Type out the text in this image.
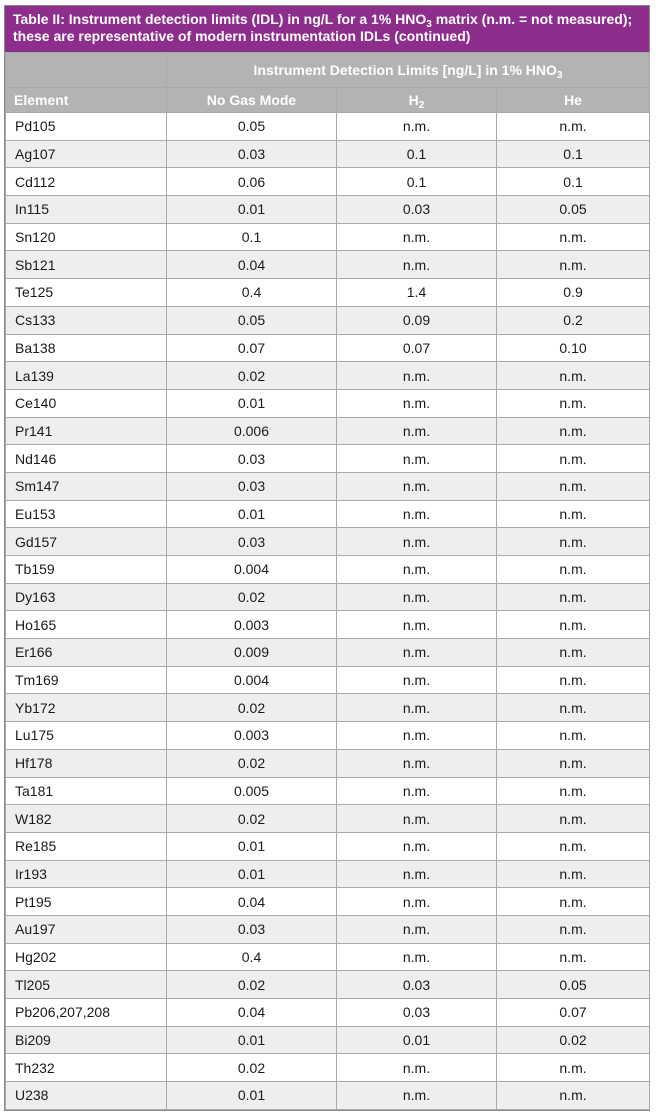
Table II: Instrument detection limits (IDL) in ng/L for a 1% $HNO_3$ matrix (n.m. = not measured); these are representative of modern instrumentation IDLs (continued)
	Instrument Detection Limits [ng/L] in 1% $HNO_3$
Element	No Gas Mode	$H_2$	He
Pd105	0.05	n.m.	n.m.
Ag107	0.03	0.1	0.1
Cd112	0.06	0.1	0.1
In115	0.01	0.03	0.05
Sn120	0.1	n.m.	n.m.
Sb121	0.04	n.m.	n.m.
Te125	0.4	1.4	0.9
Cs133	0.05	0.09	0.2
Ba138	0.07	0.07	0.10
La139	0.02	n.m.	n.m.
Ce140	0.01	n.m.	n.m.
Pr141	0.006	n.m.	n.m.
Nd146	0.03	n.m.	n.m.
Sm147	0.03	n.m.	n.m.
Eu153	0.01	n.m.	n.m.
Gd157	0.03	n.m.	n.m.
Tb159	0.004	n.m.	n.m.
Dy163	0.02	n.m.	n.m.
Ho165	0.003	n.m.	n.m.
Er166	0.009	n.m.	n.m.
Tm169	0.004	n.m.	n.m.
Yb172	0.02	n.m.	n.m.
Lu175	0.003	n.m.	n.m.
Hf178	0.02	n.m.	n.m.
Ta181	0.005	n.m.	n.m.
W182	0.02	n.m.	n.m.
Re185	0.01	n.m.	n.m.
Ir193	0.01	n.m.	n.m.
Pt195	0.04	n.m.	n.m.
Au197	0.03	n.m.	n.m.
Hg202	0.4	n.m.	n.m.
Tl205	0.02	0.03	0.05
Pb206,207,208	0.04	0.03	0.07
Bi209	0.01	0.01	0.02
Th232	0.02	n.m.	n.m.
U238	0.01	n.m.	n.m.
